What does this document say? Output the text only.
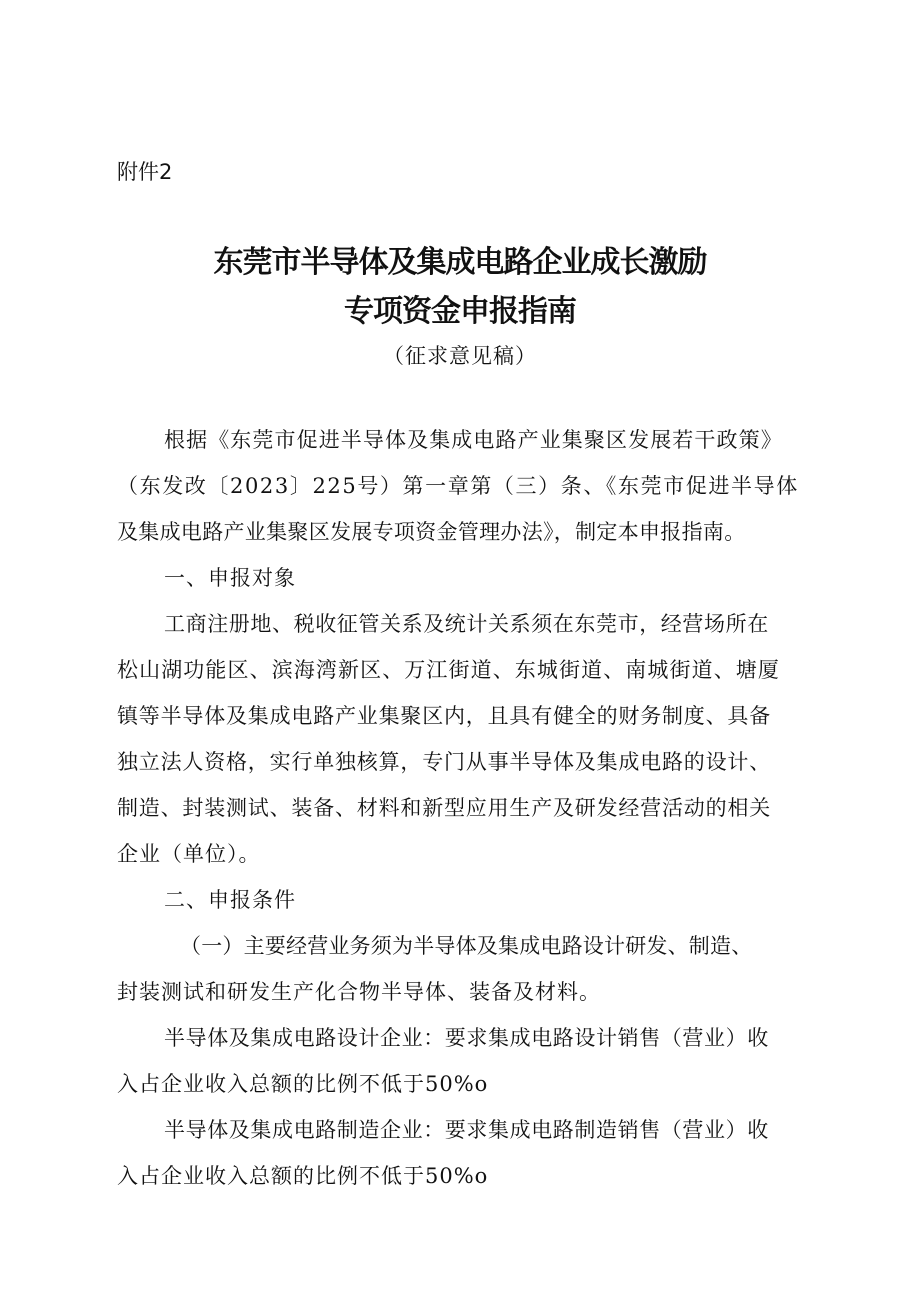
附件2

东莞市半导体及集成电路企业成长激励
专项资金申报指南

（征求意见稿）

根据《东莞市促进半导体及集成电路产业集聚区发展若干政策》

（东发改〔2023〕225号）第一章第（三）条、《东莞市促进半导体

及集成电路产业集聚区发展专项资金管理办法》，制定本申报指南。

一、申报对象

工商注册地、税收征管关系及统计关系须在东莞市，经营场所在

松山湖功能区、滨海湾新区、万江街道、东城街道、南城街道、塘厦

镇等半导体及集成电路产业集聚区内，且具有健全的财务制度、具备

独立法人资格，实行单独核算，专门从事半导体及集成电路的设计、

制造、封装测试、装备、材料和新型应用生产及研发经营活动的相关

企业（单位）。

二、申报条件

（一）主要经营业务须为半导体及集成电路设计研发、制造、

封装测试和研发生产化合物半导体、装备及材料。

半导体及集成电路设计企业：要求集成电路设计销售（营业）收

入占企业收入总额的比例不低于50%o

半导体及集成电路制造企业：要求集成电路制造销售（营业）收

入占企业收入总额的比例不低于50%o
